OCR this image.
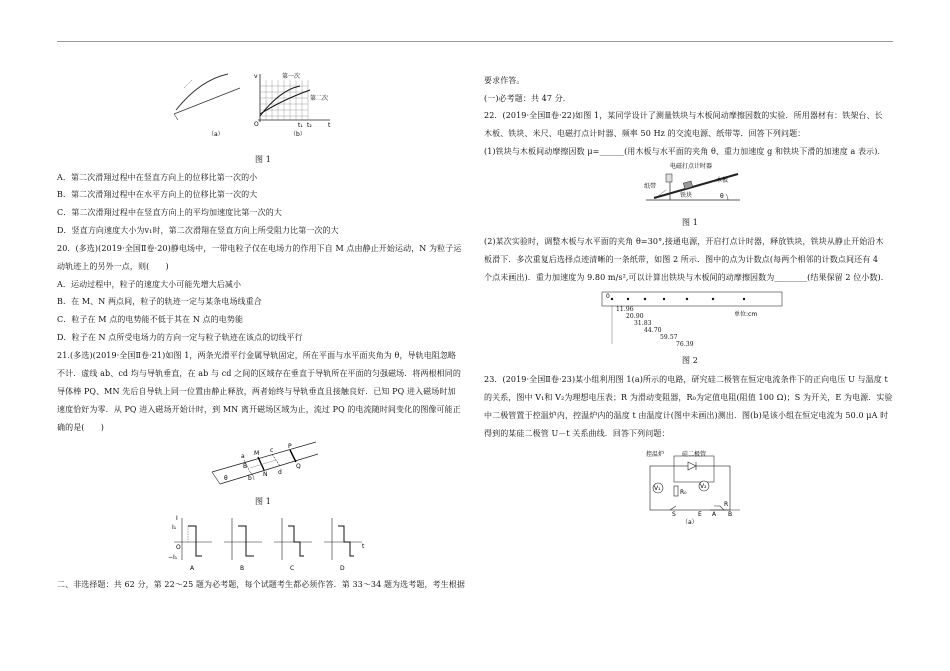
（a）
第一次
第二次
v
O	t₁ t₂	t
（b）
图 1
A．第二次滑翔过程中在竖直方向上的位移比第一次的小
B．第二次滑翔过程中在水平方向上的位移比第一次的大
C．第二次滑翔过程中在竖直方向上的平均加速度比第一次的大
D．竖直方向速度大小为v₁时，第二次滑翔在竖直方向上所受阻力比第一次的大
20．(多选)(2019·全国Ⅱ卷·20)静电场中，一带电粒子仅在电场力的作用下自 M 点由静止开始运动，N 为粒子运
动轨迹上的另外一点，则(　　)
A．运动过程中，粒子的速度大小可能先增大后减小
B．在 M、N 两点间，粒子的轨迹一定与某条电场线重合
C．粒子在 M 点的电势能不低于其在 N 点的电势能
D．粒子在 N 点所受电场力的方向一定与粒子轨迹在该点的切线平行
21.(多选)(2019·全国Ⅱ卷·21)如图 1，两条光滑平行金属导轨固定，所在平面与水平面夹角为 θ，导轨电阻忽略
不计．虚线 ab、cd 均与导轨垂直，在 ab 与 cd 之间的区域存在垂直于导轨所在平面的匀强磁场．将两根相同的
导体棒 PQ、MN 先后自导轨上同一位置由静止释放，两者始终与导轨垂直且接触良好．已知 PQ 进入磁场时加
速度恰好为零．从 PQ 进入磁场开始计时，到 MN 离开磁场区域为止，流过 PQ 的电流随时间变化的图像可能正
确的是(　　)
a
b
c
d
M
N
P
Q
B
θ
图 1
I
I₁
−I₁
O	t
A	B	C	D
二、非选择题：共 62 分，第 22～25 题为必考题，每个试题考生都必须作答．第 33～34 题为选考题，考生根据
要求作答。
(一)必考题：共 47 分．
22．(2019·全国Ⅱ卷·22)如图 1，某同学设计了测量铁块与木板间动摩擦因数的实验．所用器材有：铁架台、长
木板、铁块、米尺、电磁打点计时器、频率 50 Hz 的交流电源、纸带等．回答下列问题：
(1)铁块与木板间动摩擦因数 μ=______(用木板与水平面的夹角 θ、重力加速度 g 和铁块下滑的加速度 a 表示).
电磁打点计时器
纸带
铁块
木板
θ
图 1
(2)某次实验时，调整木板与水平面的夹角 θ=30°,接通电源，开启打点计时器，释放铁块，铁块从静止开始沿木
板滑下．多次重复后选择点迹清晰的一条纸带，如图 2 所示．图中的点为计数点(每两个相邻的计数点间还有 4
个点未画出)．重力加速度为 9.80 m/s²,可以计算出铁块与木板间的动摩擦因数为________(结果保留 2 位小数).
0
单位:cm
11.96
20.90
31.83
44.70
59.57
76.39
图 2
23．(2019·全国Ⅱ卷·23)某小组利用图 1(a)所示的电路，研究硅二极管在恒定电流条件下的正向电压 U 与温度 t
的关系，图中 V₁和 V₂为理想电压表；R 为滑动变阻器，R₀为定值电阻(阻值 100 Ω)；S 为开关，E 为电源．实验
中二极管置于控温炉内，控温炉内的温度 t 由温度计(图中未画出)测出．图(b)是该小组在恒定电流为 50.0 μA 时
得到的某硅二极管 U－t 关系曲线．回答下列问题：
控温炉	硅二极管
V₁	V₂
R₀
R
S	E A B
（a）
